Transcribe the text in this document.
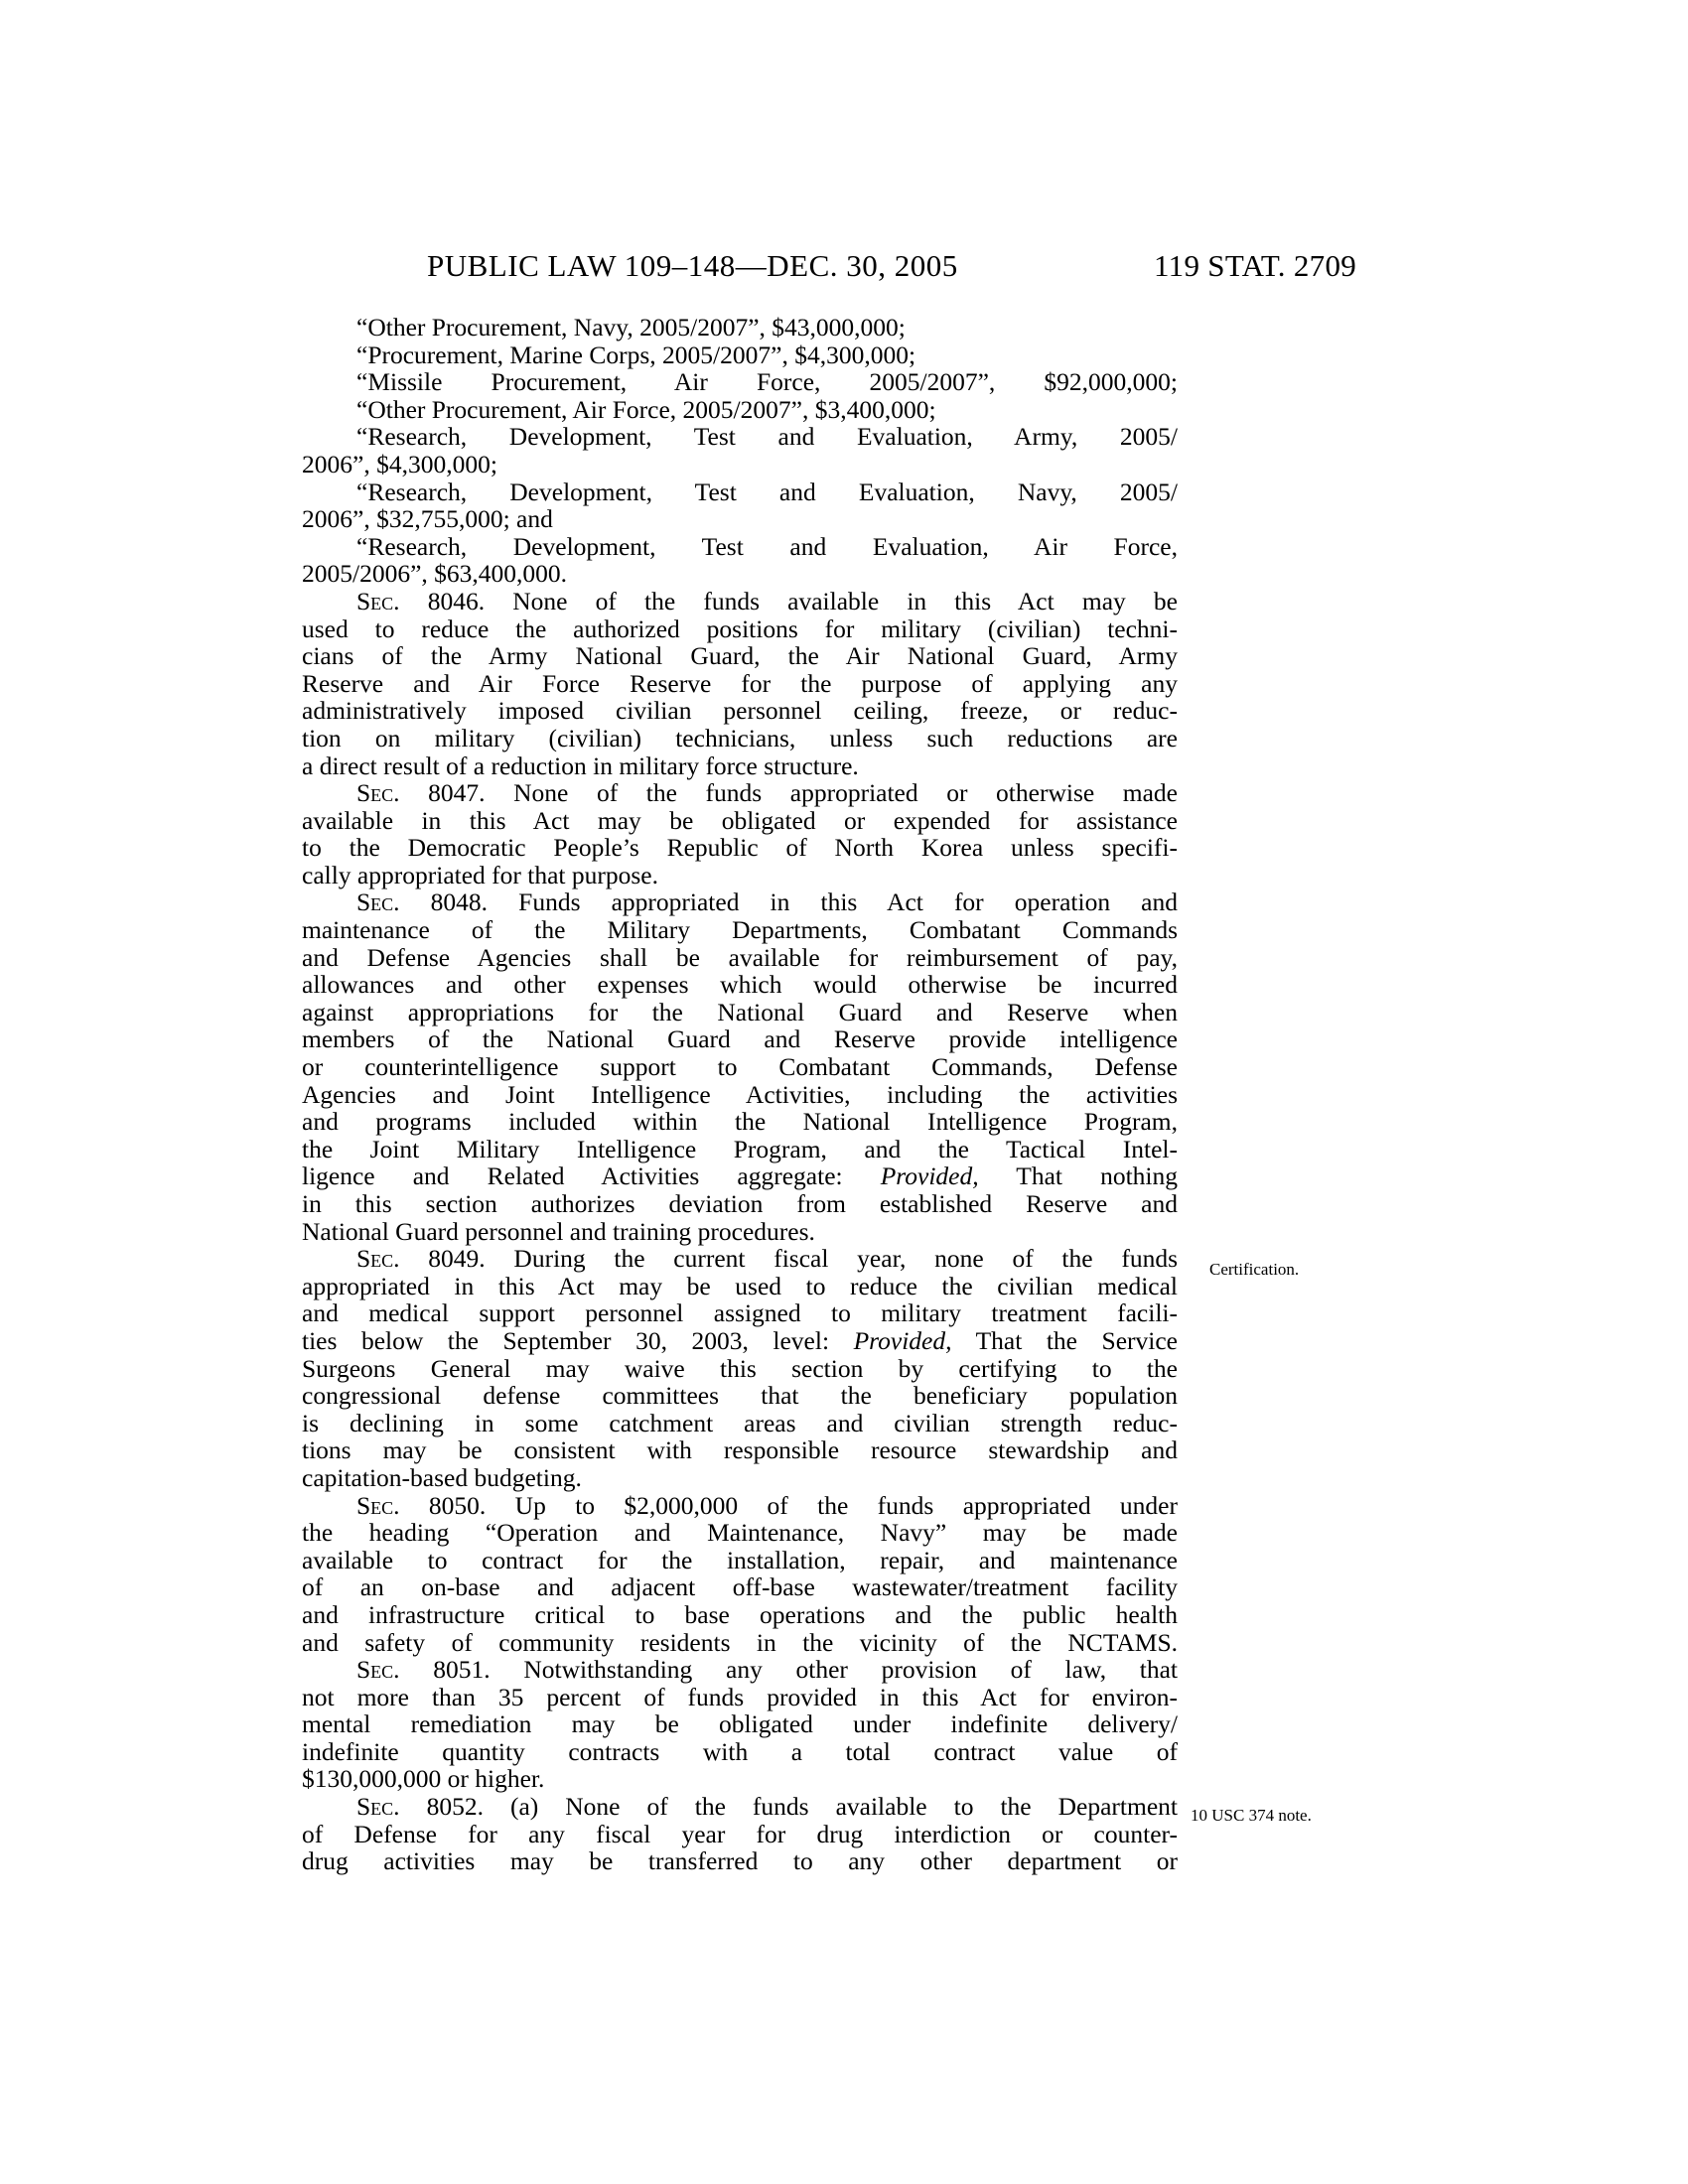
PUBLIC LAW 109–148—DEC. 30, 2005	119 STAT. 2709
“Other Procurement, Navy, 2005/2007”, $43,000,000;
“Procurement, Marine Corps, 2005/2007”, $4,300,000;
“Missile Procurement, Air Force, 2005/2007”, $92,000,000;
“Other Procurement, Air Force, 2005/2007”, $3,400,000;
“Research, Development, Test and Evaluation, Army, 2005/
2006”, $4,300,000;
“Research, Development, Test and Evaluation, Navy, 2005/
2006”, $32,755,000; and
“Research, Development, Test and Evaluation, Air Force,
2005/2006”, $63,400,000.
Sec. 8046. None of the funds available in this Act may be
used to reduce the authorized positions for military (civilian) techni-
cians of the Army National Guard, the Air National Guard, Army
Reserve and Air Force Reserve for the purpose of applying any
administratively imposed civilian personnel ceiling, freeze, or reduc-
tion on military (civilian) technicians, unless such reductions are
a direct result of a reduction in military force structure.
Sec. 8047. None of the funds appropriated or otherwise made
available in this Act may be obligated or expended for assistance
to the Democratic People’s Republic of North Korea unless specifi-
cally appropriated for that purpose.
Sec. 8048. Funds appropriated in this Act for operation and
maintenance of the Military Departments, Combatant Commands
and Defense Agencies shall be available for reimbursement of pay,
allowances and other expenses which would otherwise be incurred
against appropriations for the National Guard and Reserve when
members of the National Guard and Reserve provide intelligence
or counterintelligence support to Combatant Commands, Defense
Agencies and Joint Intelligence Activities, including the activities
and programs included within the National Intelligence Program,
the Joint Military Intelligence Program, and the Tactical Intel-
ligence and Related Activities aggregate: Provided, That nothing
in this section authorizes deviation from established Reserve and
National Guard personnel and training procedures.
Sec. 8049. During the current fiscal year, none of the funds
appropriated in this Act may be used to reduce the civilian medical
and medical support personnel assigned to military treatment facili-
ties below the September 30, 2003, level: Provided, That the Service
Surgeons General may waive this section by certifying to the
congressional defense committees that the beneficiary population
is declining in some catchment areas and civilian strength reduc-
tions may be consistent with responsible resource stewardship and
capitation-based budgeting.
Sec. 8050. Up to $2,000,000 of the funds appropriated under
the heading “Operation and Maintenance, Navy” may be made
available to contract for the installation, repair, and maintenance
of an on-base and adjacent off-base wastewater/treatment facility
and infrastructure critical to base operations and the public health
and safety of community residents in the vicinity of the NCTAMS.
Sec. 8051. Notwithstanding any other provision of law, that
not more than 35 percent of funds provided in this Act for environ-
mental remediation may be obligated under indefinite delivery/
indefinite quantity contracts with a total contract value of
$130,000,000 or higher.
Sec. 8052. (a) None of the funds available to the Department
of Defense for any fiscal year for drug interdiction or counter-
drug activities may be transferred to any other department or
Certification.
10 USC 374 note.
